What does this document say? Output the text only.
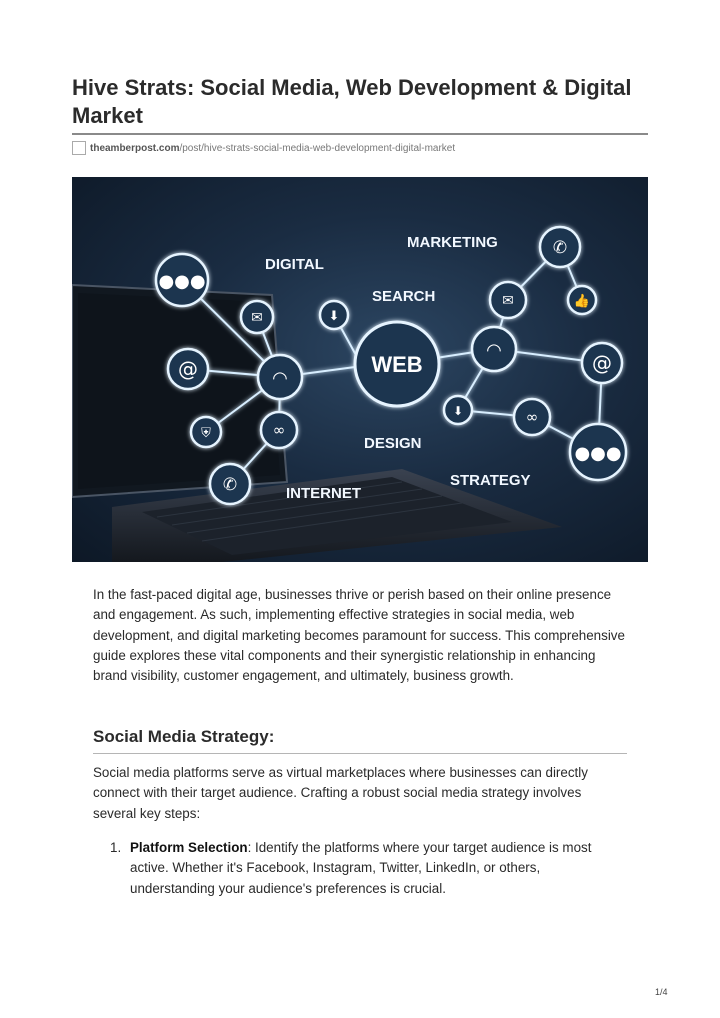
Hive Strats: Social Media, Web Development & Digital Market
theamberpost.com /post/hive-strats-social-media-web-development-digital-market
WEB
●●●
✉	⬇
@	◠
⛨	∞
✆
✆
✉	👍
◠
@
⬇	∞
●●●
MARKETING
DIGITAL
SEARCH
DESIGN
STRATEGY
INTERNET

In the fast-paced digital age, businesses thrive or perish based on their online presence and engagement. As such, implementing effective strategies in social media, web development, and digital marketing becomes paramount for success. This comprehensive guide explores these vital components and their synergistic relationship in enhancing brand visibility, customer engagement, and ultimately, business growth.

Social Media Strategy:

Social media platforms serve as virtual marketplaces where businesses can directly connect with their target audience. Crafting a robust social media strategy involves several key steps:

1. Platform Selection: Identify the platforms where your target audience is most active. Whether it's Facebook, Instagram, Twitter, LinkedIn, or others, understanding your audience's preferences is crucial.
1/4
